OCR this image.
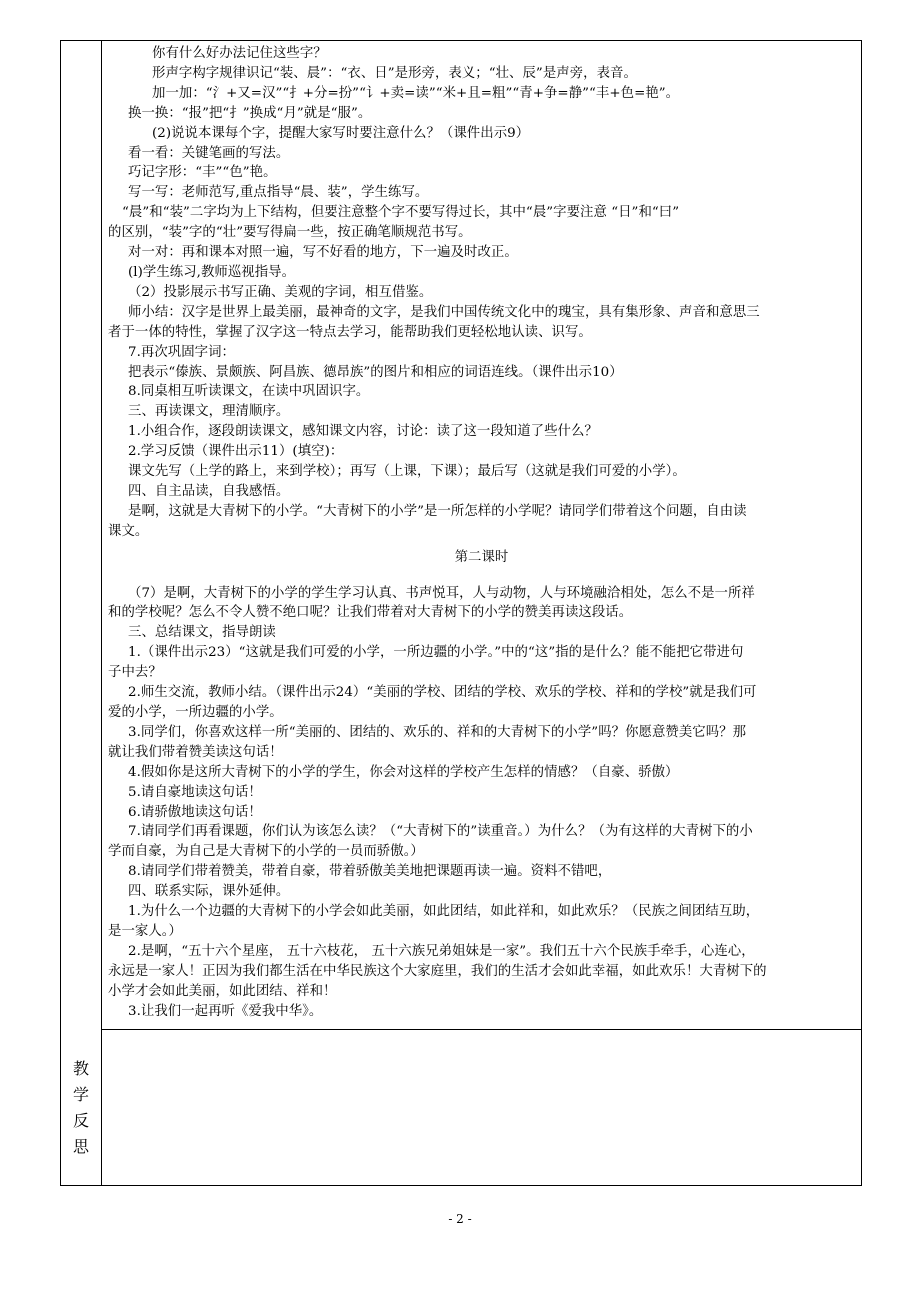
你有什么好办法记住这些字？
形声字构字规律识记“装、晨”：“衣、日”是形旁，表义；“壮、辰”是声旁，表音。
加一加：“氵+又=汉”“扌+分=扮”“讠+卖=读”“米+且=粗”“青+争=静”“丰+色=艳”。
换一换：“报”把“扌”换成“月”就是“服”。
(2)说说本课每个字，提醒大家写时要注意什么？（课件出示9）
看一看：关键笔画的写法。
巧记字形：“丰”“色”艳。
写一写：老师范写,重点指导“晨、装”，学生练写。
“晨”和“装”二字均为上下结构，但要注意整个字不要写得过长，其中“晨”字要注意 “日”和“曰”
的区别，“装”字的“壮”要写得扁一些，按正确笔顺规范书写。
对一对：再和课本对照一遍，写不好看的地方，下一遍及时改正。
(l)学生练习,教师巡视指导。
（2）投影展示书写正确、美观的字词，相互借鉴。
师小结：汉字是世界上最美丽，最神奇的文字，是我们中国传统文化中的瑰宝，具有集形象、声音和意思三
者于一体的特性，掌握了汉字这一特点去学习，能帮助我们更轻松地认读、识写。
7.再次巩固字词：
把表示“傣族、景颇族、阿昌族、德昂族”的图片和相应的词语连线。（课件出示10）
8.同桌相互听读课文，在读中巩固识字。
三、再读课文，理清顺序。
1.小组合作，逐段朗读课文，感知课文内容，讨论：读了这一段知道了些什么？
2.学习反馈（课件出示11）(填空)：
课文先写（上学的路上，来到学校）；再写（上课，下课）；最后写（这就是我们可爱的小学）。
四、自主品读，自我感悟。
是啊，这就是大青树下的小学。“大青树下的小学”是一所怎样的小学呢？请同学们带着这个问题，自由读
课文。
第二课时
（7）是啊，大青树下的小学的学生学习认真、书声悦耳，人与动物，人与环境融洽相处，怎么不是一所祥
和的学校呢？怎么不令人赞不绝口呢？让我们带着对大青树下的小学的赞美再读这段话。
三、总结课文，指导朗读
1.（课件出示23）“这就是我们可爱的小学，一所边疆的小学。”中的“这”指的是什么？能不能把它带进句
子中去？
2.师生交流，教师小结。（课件出示24）“美丽的学校、团结的学校、欢乐的学校、祥和的学校”就是我们可
爱的小学，一所边疆的小学。
3.同学们，你喜欢这样一所“美丽的、团结的、欢乐的、祥和的大青树下的小学”吗？你愿意赞美它吗？那
就让我们带着赞美读这句话！
4.假如你是这所大青树下的小学的学生，你会对这样的学校产生怎样的情感？（自豪、骄傲）
5.请自豪地读这句话！
6.请骄傲地读这句话！
7.请同学们再看课题，你们认为该怎么读？（“大青树下的”读重音。）为什么？（为有这样的大青树下的小
学而自豪，为自己是大青树下的小学的一员而骄傲。）
8.请同学们带着赞美，带着自豪，带着骄傲美美地把课题再读一遍。资料不错吧，
四、联系实际，课外延伸。
1.为什么一个边疆的大青树下的小学会如此美丽，如此团结，如此祥和，如此欢乐？（民族之间团结互助，
是一家人。）
2.是啊，“五十六个星座， 五十六枝花， 五十六族兄弟姐妹是一家”。我们五十六个民族手牵手，心连心，
永远是一家人！正因为我们都生活在中华民族这个大家庭里，我们的生活才会如此幸福，如此欢乐！大青树下的
小学才会如此美丽，如此团结、祥和！
3.让我们一起再听《爱我中华》。
教
学
反
思
- 2 -
